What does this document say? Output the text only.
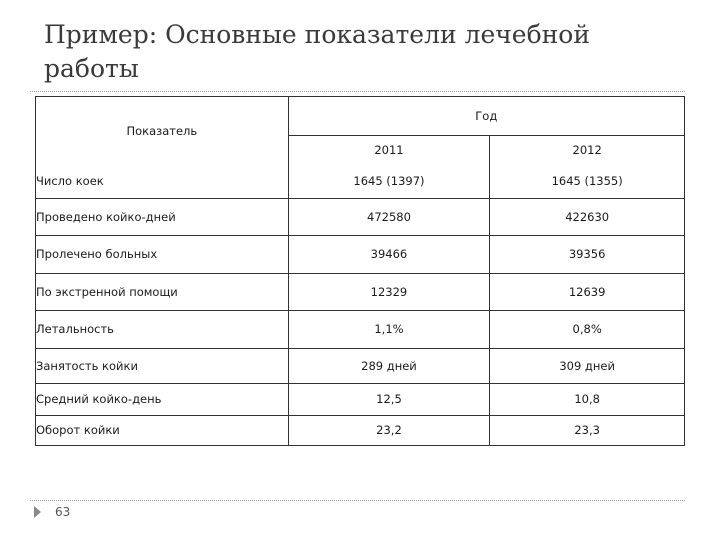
Пример: Основные показатели лечебной работы
Показатель	Год	
	2011	2012
Число коек	1645 (1397)	1645 (1355)
Проведено койко-дней	472580	422630
Пролечено больных	39466	39356
По экстренной помощи	12329	12639
Летальность	1,1%	0,8%
Занятость койки	289 дней	309 дней
Средний койко-день	12,5	10,8
Оборот койки	23,2	23,3
63
